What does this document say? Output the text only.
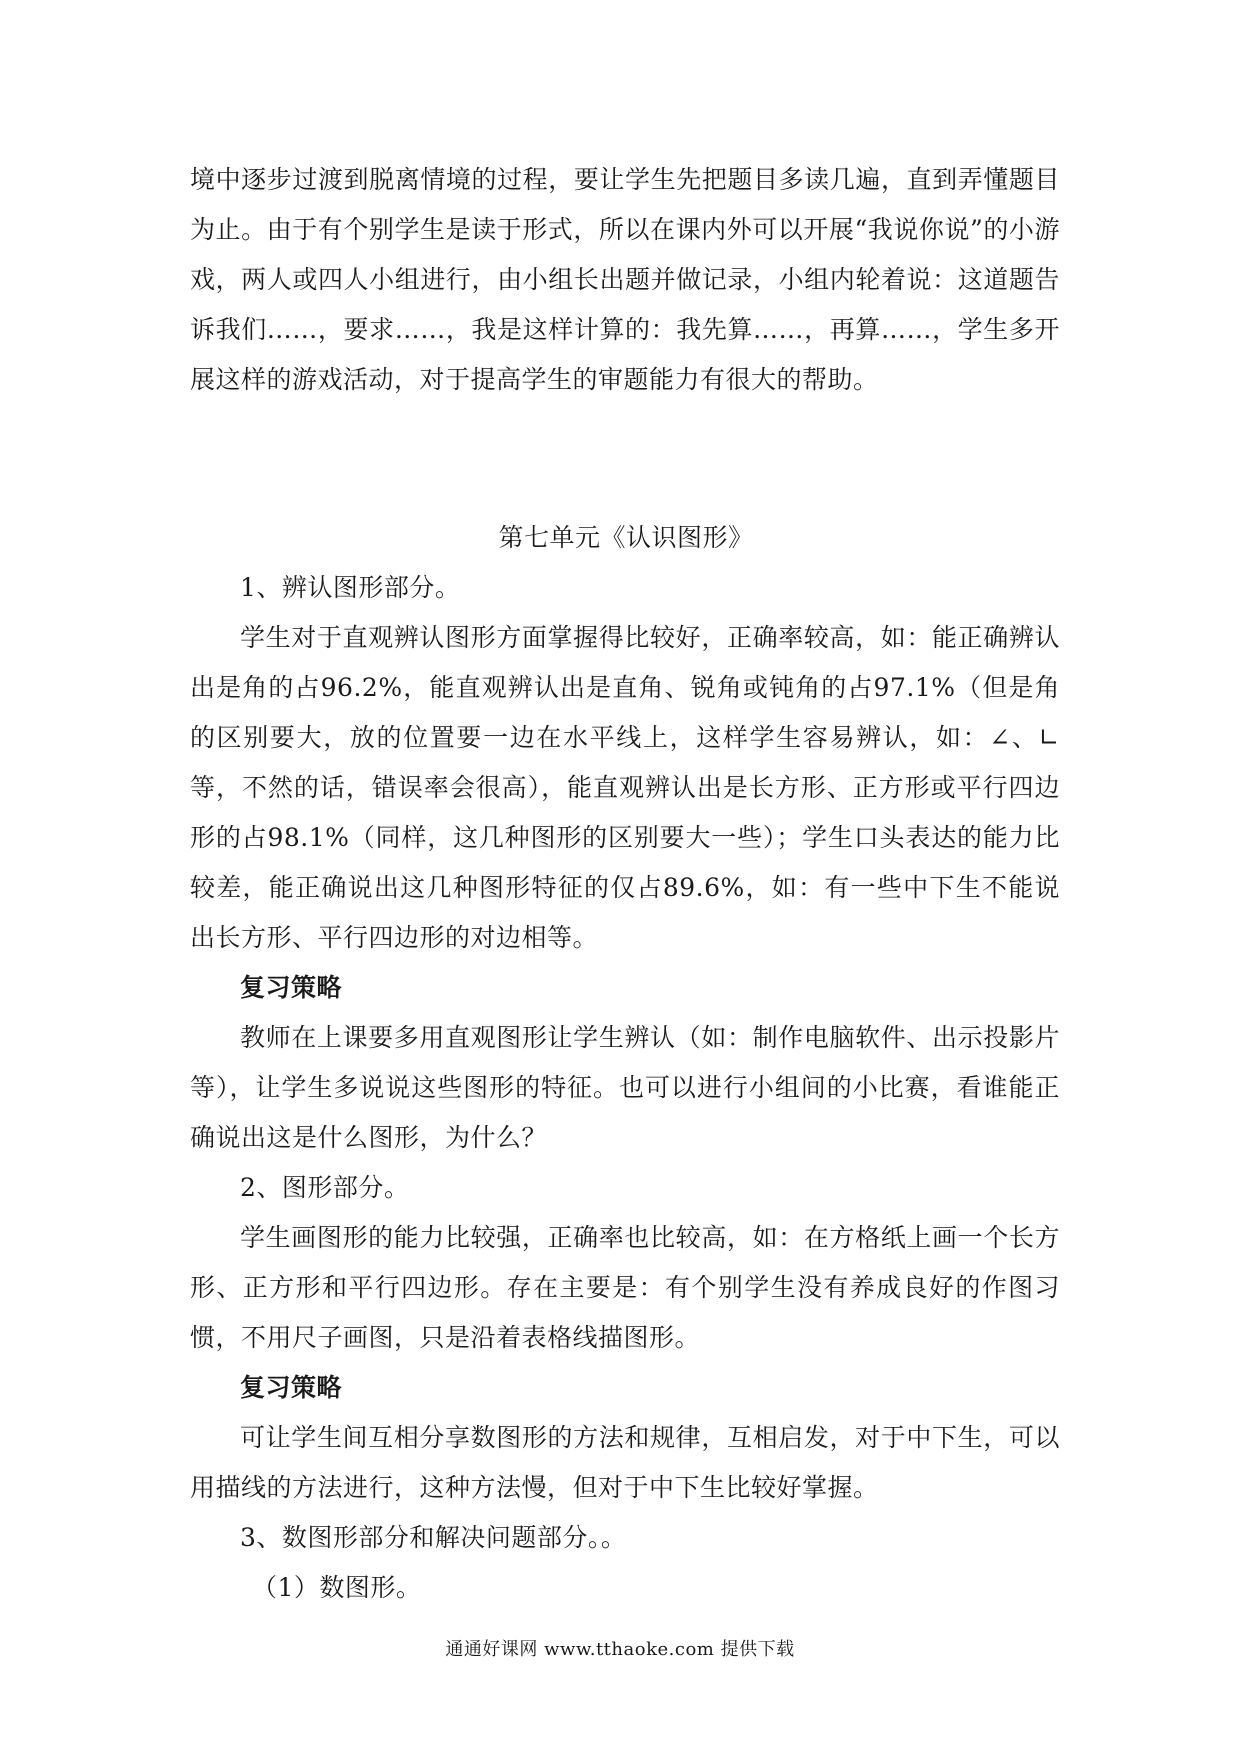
境中逐步过渡到脱离情境的过程，要让学生先把题目多读几遍，直到弄懂题目为止。由于有个别学生是读于形式，所以在课内外可以开展“我说你说”的小游戏，两人或四人小组进行，由小组长出题并做记录，小组内轮着说：这道题告诉我们……，要求……，我是这样计算的：我先算……，再算……，学生多开展这样的游戏活动，对于提高学生的审题能力有很大的帮助。

第七单元《认识图形》

1、辨认图形部分。

学生对于直观辨认图形方面掌握得比较好，正确率较高，如：能正确辨认出是角的占96.2%，能直观辨认出是直角、锐角或钝角的占97.1%（但是角的区别要大，放的位置要一边在水平线上，这样学生容易辨认，如：∠、∟等，不然的话，错误率会很高），能直观辨认出是长方形、正方形或平行四边形的占98.1%（同样，这几种图形的区别要大一些）；学生口头表达的能力比较差，能正确说出这几种图形特征的仅占89.6%，如：有一些中下生不能说出长方形、平行四边形的对边相等。

复习策略

教师在上课要多用直观图形让学生辨认（如：制作电脑软件、出示投影片等），让学生多说说这些图形的特征。也可以进行小组间的小比赛，看谁能正确说出这是什么图形，为什么？

2、图形部分。

学生画图形的能力比较强，正确率也比较高，如：在方格纸上画一个长方形、正方形和平行四边形。存在主要是：有个别学生没有养成良好的作图习惯，不用尺子画图，只是沿着表格线描图形。

复习策略

可让学生间互相分享数图形的方法和规律，互相启发，对于中下生，可以用描线的方法进行，这种方法慢，但对于中下生比较好掌握。

3、数图形部分和解决问题部分。。

（1）数图形。

通通好课网 www.tthaoke.com 提供下载
